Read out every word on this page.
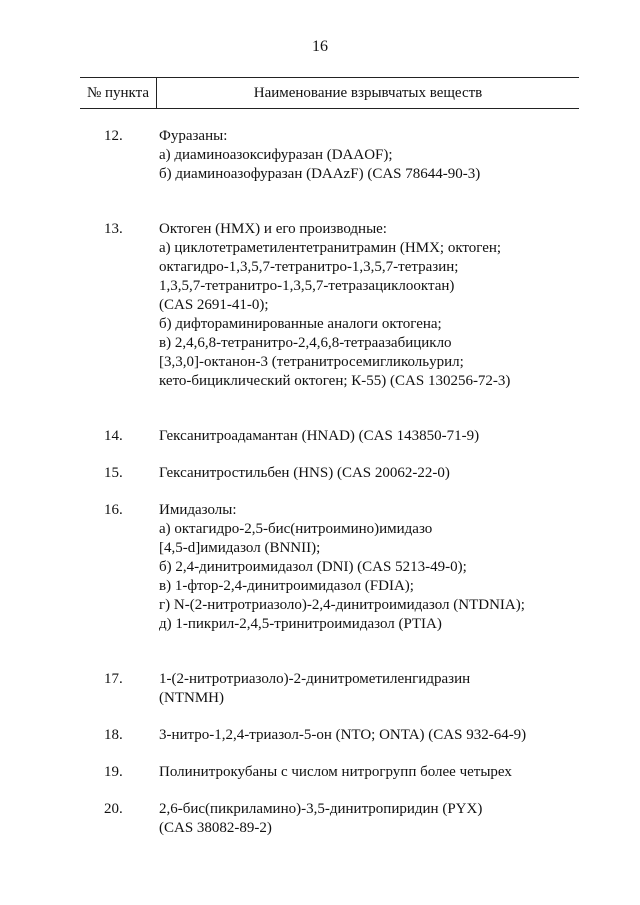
16
№ пункта	Наименование взрывчатых веществ
12. Фуразаны:
а) диаминоазоксифуразан (DAAOF);
б) диаминоазофуразан (DAAzF) (CAS 78644-90-3)
13. Октоген (HMX) и его производные:
а) циклотетраметилентетранитрамин (HMX; октоген;
октагидро-1,3,5,7-тетранитро-1,3,5,7-тетразин;
1,3,5,7-тетранитро-1,3,5,7-тетразациклооктан)
(CAS 2691-41-0);
б) дифтораминированные аналоги октогена;
в) 2,4,6,8-тетранитро-2,4,6,8-тетраазабицикло
[3,3,0]-октанон-3 (тетранитросемигликольурил;
кето-бициклический октоген; К-55) (CAS 130256-72-3)
14. Гексанитроадамантан (HNAD) (CAS 143850-71-9)
15. Гексанитростильбен (HNS) (CAS 20062-22-0)
16. Имидазолы:
а) октагидро-2,5-бис(нитроимино)имидазо
[4,5-d]имидазол (BNNII);
б) 2,4-динитроимидазол (DNI) (CAS 5213-49-0);
в) 1-фтор-2,4-динитроимидазол (FDIA);
г) N-(2-нитротриазоло)-2,4-динитроимидазол (NTDNIA);
д) 1-пикрил-2,4,5-тринитроимидазол (PTIA)
17. 1-(2-нитротриазоло)-2-динитрометиленгидразин
(NTNMH)
18. 3-нитро-1,2,4-триазол-5-он (NTO; ONTA) (CAS 932-64-9)
19. Полинитрокубаны с числом нитрогрупп более четырех
20. 2,6-бис(пикриламино)-3,5-динитропиридин (PYX)
(CAS 38082-89-2)
